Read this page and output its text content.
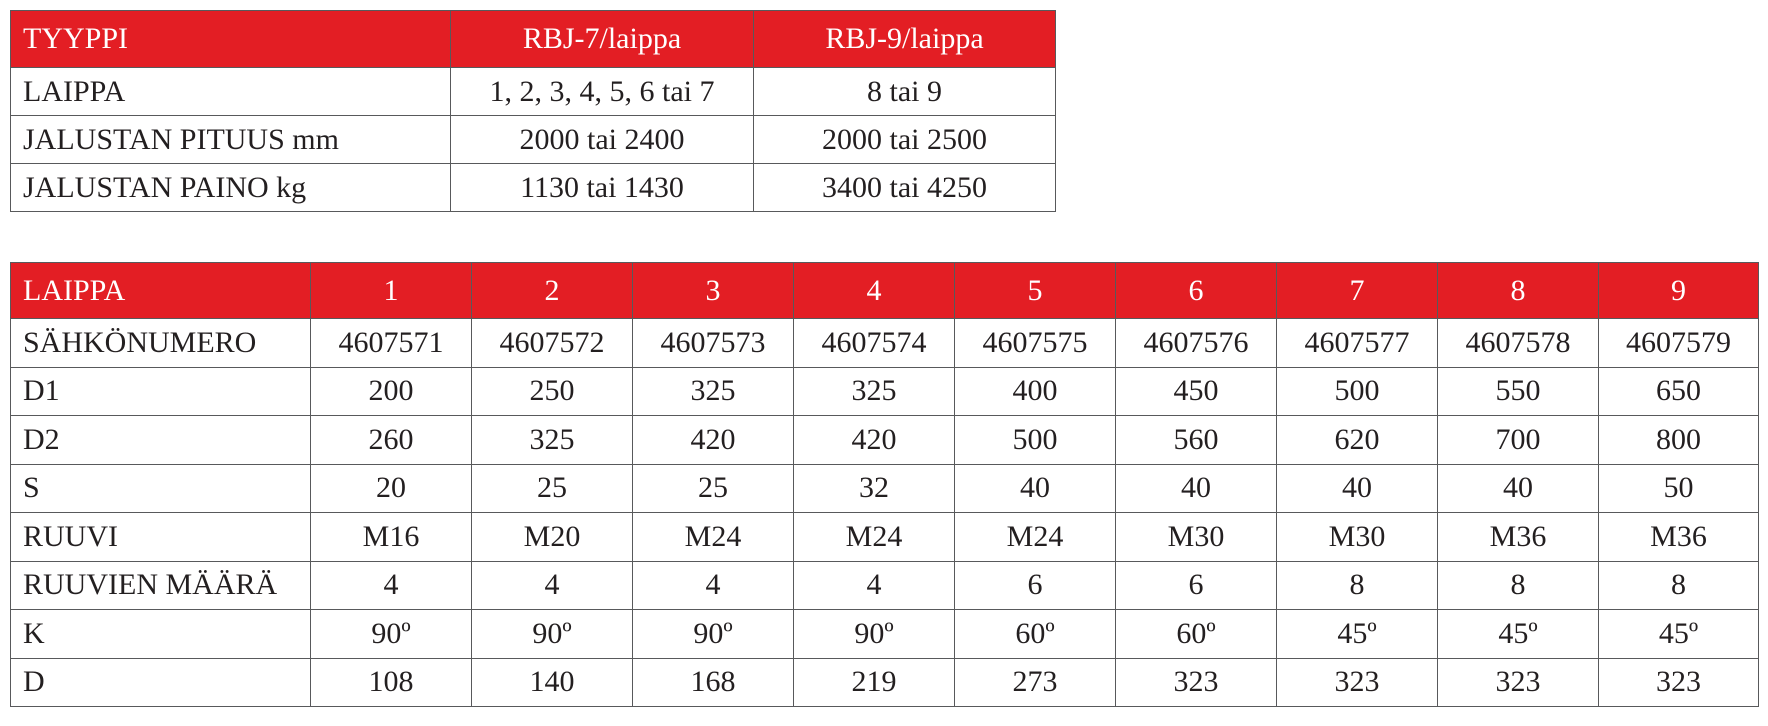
TYYPPI	RBJ-7/laippa	RBJ-9/laippa
LAIPPA	1, 2, 3, 4, 5, 6 tai 7	8 tai 9
JALUSTAN PITUUS mm	2000 tai 2400	2000 tai 2500
JALUSTAN PAINO kg	1130 tai 1430	3400 tai 4250
LAIPPA	1	2	3	4	5	6	7	8	9
SÄHKÖNUMERO	4607571	4607572	4607573	4607574	4607575	4607576	4607577	4607578	4607579
D1	200	250	325	325	400	450	500	550	650
D2	260	325	420	420	500	560	620	700	800
S	20	25	25	32	40	40	40	40	50
RUUVI	M16	M20	M24	M24	M24	M30	M30	M36	M36
RUUVIEN MÄÄRÄ	4	4	4	4	6	6	8	8	8
K	90º	90º	90º	90º	60º	60º	45º	45º	45º
D	108	140	168	219	273	323	323	323	323
